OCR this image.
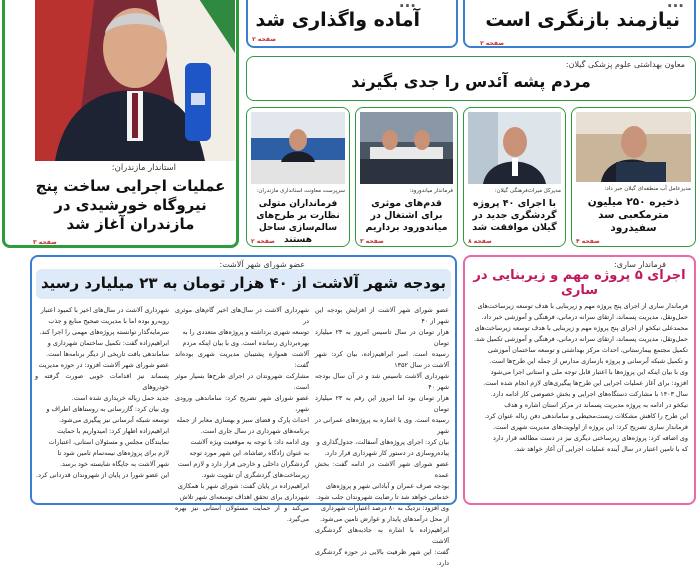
...
نیازمند بازنگری است
صفحه ۲
...
آماده واگذاری شد
صفحه ۲
استاندار مازندران:
عملیات اجرایی ساخت پنج نیروگاه خورشیدی در مازندران آغاز شد
صفحه ۳
معاون بهداشتی علوم پزشکی گیلان:
مردم پشه آئدس را جدی بگیرند
مدیرعامل آب منطقه‌ای گیلان خبر داد:
ذخیره ۲۵۰ میلیون مترمکعبی سد سفیدرود
صفحه ۴
مدیرکل میراث‌فرهنگی گیلان:
با اجرای ۴۰ پروژه گردشگری جدید در گیلان موافقت شد
صفحه ۸
فرماندار میاندورود:
قدم‌های موثری برای اشتغال در میاندورود برداریم
صفحه ۳
سرپرست معاونت استانداری مازندران:
فرمانداران متولی نظارت بر طرح‌های سالم‌سازی ساحل هستند
صفحه ۲
فرماندار ساری:
اجرای ۵ پروژه مهم و زیربنایی در ساری
فرماندار ساری از اجرای پنج پروژه مهم و زیربنایی با هدف توسعه زیرساخت‌های
حمل‌ونقل، مدیریت پسماند، ارتقای سرانه درمانی، فرهنگی و آموزشی خبر داد.
محمدعلی نیکخو از اجرای پنج پروژه مهم و زیربنایی با هدف توسعه زیرساخت‌های
حمل‌ونقل، مدیریت پسماند، ارتقای سرانه درمانی، فرهنگی و آموزشی تکمیل شد.
تکمیل مجتمع بیمارستانی، احداث مرکز بهداشتی و توسعه ساختمان آموزشی
و تکمیل شبکه آبرسانی و پروژه بازسازی مدارس از جمله این طرح‌ها است.
وی با بیان اینکه این پروژه‌ها با اعتبار قابل توجه ملی و استانی اجرا می‌شود
افزود: برای آغاز عملیات اجرایی این طرح‌ها پیگیری‌های لازم انجام شده است.
سال ۱۴۰۳ با مشارکت دستگاه‌های اجرایی و بخش خصوصی کار ادامه دارد.
نیکخو در ادامه به پروژه مدیریت پسماند در مرکز استان اشاره و هدف
این طرح را کاهش مشکلات زیست‌محیطی و ساماندهی دفن زباله عنوان کرد.
فرماندار ساری تصریح کرد: این پروژه از اولویت‌های مدیریت شهری است.
وی اضافه کرد: پروژه‌های زیرساختی دیگری نیز در دست مطالعه قرار دارد
که با تامین اعتبار در سال آینده عملیات اجرایی آن آغاز خواهد شد.
عضو شورای شهر آلاشت:
بودجه شهر آلاشت از ۴۰ هزار تومان به ۲۳ میلیارد رسید
عضو شورای شهر آلاشت از افزایش بودجه این شهر از ۴۰
هزار تومان در سال تاسیس امروز به ۲۳ میلیارد تومان
رسیده است. امیر ابراهیم‌زاده، بیان کرد: شهر آلاشت در سال ۱۳۵۲
شهرداری آلاشت تاسیس شد و در آن سال بودجه شهر ۴۰
هزار تومان بود اما امروز این رقم به ۲۳ میلیارد تومان
رسیده است. وی با اشاره به پروژه‌های عمرانی در شهر
بیان کرد: اجرای پروژه‌های آسفالت، جدول‌گذاری و
پیاده‌روسازی در دستور کار شهرداری قرار دارد.
عضو شورای شهر آلاشت در ادامه گفت: بخش عمده
بودجه صرف عمران و آبادانی شهر و پروژه‌های
خدماتی خواهد شد تا رضایت شهروندان جلب شود.
وی افزود: نزدیک به ۸۰ درصد اعتبارات شهرداری
از محل درآمدهای پایدار و عوارض تامین می‌شود.
ابراهیم‌زاده با اشاره به جاذبه‌های گردشگری آلاشت
گفت: این شهر ظرفیت بالایی در حوزه گردشگری دارد.
شهرداری آلاشت در سال‌های اخیر گام‌های موثری در
توسعه شهری برداشته و پروژه‌های متعددی را به
بهره‌برداری رسانده است. وی با بیان اینکه مردم
آلاشت همواره پشتیبان مدیریت شهری بوده‌اند گفت:
مشارکت شهروندان در اجرای طرح‌ها بسیار موثر است.
عضو شورای شهر تصریح کرد: ساماندهی ورودی شهر،
احداث پارک و فضای سبز و بهسازی معابر از جمله
برنامه‌های شهرداری در سال جاری است.
وی ادامه داد: با توجه به موقعیت ویژه آلاشت
به عنوان زادگاه رضاشاه، این شهر مورد توجه
گردشگران داخلی و خارجی قرار دارد و لازم است
زیرساخت‌های گردشگری آن تقویت شود.
ابراهیم‌زاده در پایان گفت: شورای شهر با همکاری
شهرداری برای تحقق اهداف توسعه‌ای شهر تلاش
می‌کند و از حمایت مسئولان استانی نیز بهره می‌گیرد.
شهرداری آلاشت در سال‌های اخیر با کمبود اعتبار
روبه‌رو بوده اما با مدیریت صحیح منابع و جذب
سرمایه‌گذار توانسته پروژه‌های مهمی را اجرا کند.
ابراهیم‌زاده گفت: تکمیل ساختمان شهرداری و
ساماندهی بافت تاریخی از دیگر برنامه‌ها است.
عضو شورای شهر آلاشت افزود: در حوزه مدیریت
پسماند نیز اقدامات خوبی صورت گرفته و خودروهای
جدید حمل زباله خریداری شده است.
وی بیان کرد: گازرسانی به روستاهای اطراف و
توسعه شبکه آبرسانی نیز پیگیری می‌شود.
ابراهیم‌زاده اظهار کرد: امیدواریم با حمایت
نمایندگان مجلس و مسئولان استانی، اعتبارات
لازم برای پروژه‌های نیمه‌تمام تامین شود تا
شهر آلاشت به جایگاه شایسته خود برسد.
این عضو شورا در پایان از شهروندان قدردانی کرد.
